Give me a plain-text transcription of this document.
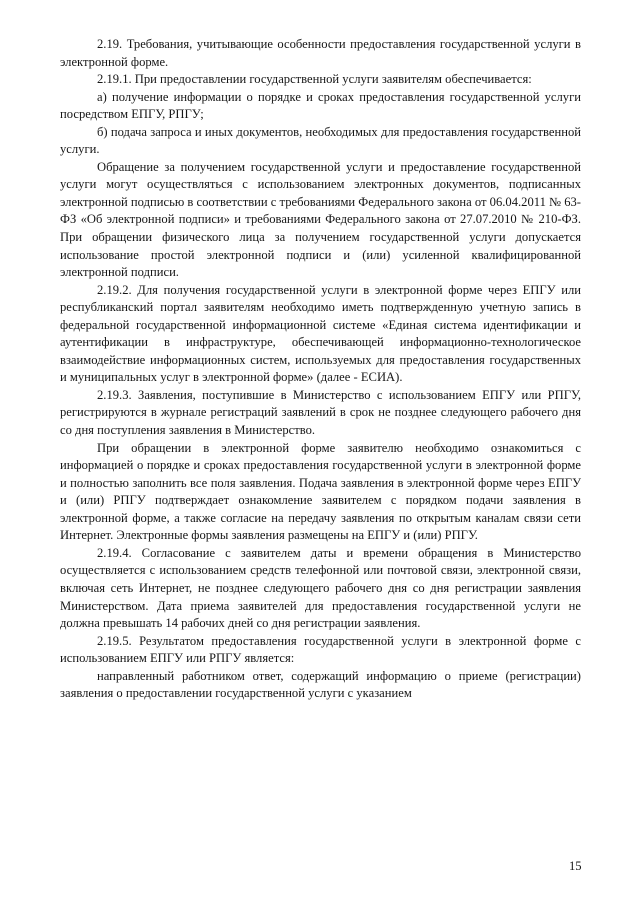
2.19. Требования, учитывающие особенности предоставления государственной услуги в электронной форме.

2.19.1. При предоставлении государственной услуги заявителям обеспечивается:

а) получение информации о порядке и сроках предоставления государственной услуги посредством ЕПГУ, РПГУ;

б) подача запроса и иных документов, необходимых для предоставления государственной услуги.

Обращение за получением государственной услуги и предоставление государственной услуги могут осуществляться с использованием электронных документов, подписанных электронной подписью в соответствии с требованиями Федерального закона от 06.04.2011 № 63-ФЗ «Об электронной подписи» и требованиями Федерального закона от 27.07.2010 № 210-ФЗ. При обращении физического лица за получением государственной услуги допускается использование простой электронной подписи и (или) усиленной квалифицированной электронной подписи.

2.19.2. Для получения государственной услуги в электронной форме через ЕПГУ или республиканский портал заявителям необходимо иметь подтвержденную учетную запись в федеральной государственной информационной системе «Единая система идентификации и аутентификации в инфраструктуре, обеспечивающей информационно-технологическое взаимодействие информационных систем, используемых для предоставления государственных и муниципальных услуг в электронной форме» (далее - ЕСИА).

2.19.3. Заявления, поступившие в Министерство с использованием ЕПГУ или РПГУ, регистрируются в журнале регистраций заявлений в срок не позднее следующего рабочего дня со дня поступления заявления в Министерство.

При обращении в электронной форме заявителю необходимо ознакомиться с информацией о порядке и сроках предоставления государственной услуги в электронной форме и полностью заполнить все поля заявления. Подача заявления в электронной форме через ЕПГУ и (или) РПГУ подтверждает ознакомление заявителем с порядком подачи заявления в электронной форме, а также согласие на передачу заявления по открытым каналам связи сети Интернет. Электронные формы заявления размещены на ЕПГУ и (или) РПГУ.

2.19.4. Согласование с заявителем даты и времени обращения в Министерство осуществляется с использованием средств телефонной или почтовой связи, электронной связи, включая сеть Интернет, не позднее следующего рабочего дня со дня регистрации заявления Министерством. Дата приема заявителей для предоставления государственной услуги не должна превышать 14 рабочих дней со дня регистрации заявления.

2.19.5. Результатом предоставления государственной услуги в электронной форме с использованием ЕПГУ или РПГУ является:

направленный работником ответ, содержащий информацию о приеме (регистрации) заявления о предоставлении государственной услуги с указанием

15
